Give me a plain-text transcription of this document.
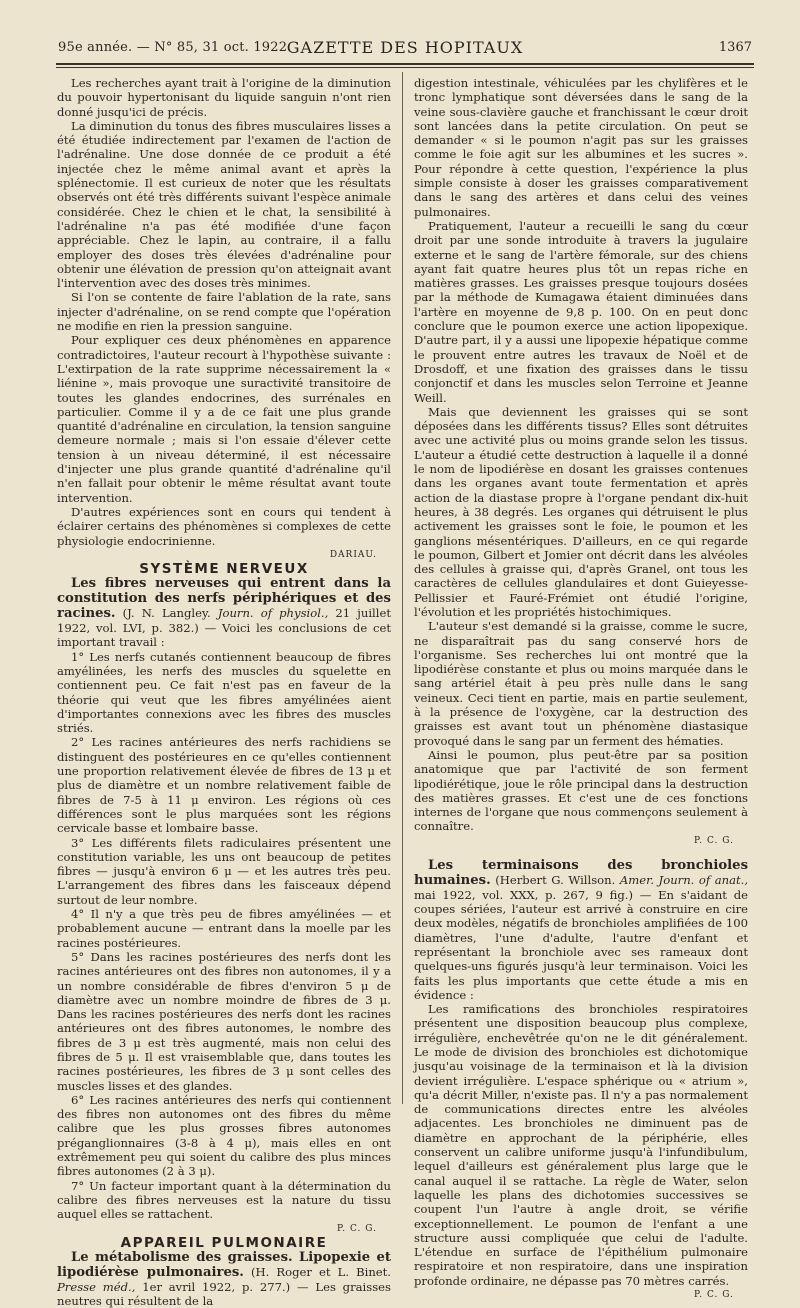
95e année. — N° 85, 31 oct. 1922.
GAZETTE DES HOPITAUX	1367

Les recherches ayant trait à l'origine de la diminution du pouvoir hypertonisant du liquide sanguin n'ont rien donné jusqu'ici de précis.

La diminution du tonus des fibres musculaires lisses a été étudiée indirectement par l'examen de l'action de l'adrénaline. Une dose donnée de ce produit a été injectée chez le même animal avant et après la splénectomie. Il est curieux de noter que les résultats observés ont été très différents suivant l'espèce animale considérée. Chez le chien et le chat, la sensibilité à l'adrénaline n'a pas été modifiée d'une façon appréciable. Chez le lapin, au contraire, il a fallu employer des doses très élevées d'adrénaline pour obtenir une élévation de pression qu'on atteignait avant l'intervention avec des doses très minimes.

Si l'on se contente de faire l'ablation de la rate, sans injecter d'adrénaline, on se rend compte que l'opération ne modifie en rien la pression sanguine.

Pour expliquer ces deux phénomènes en apparence contradictoires, l'auteur recourt à l'hypothèse suivante : L'extirpation de la rate supprime nécessairement la « liénine », mais provoque une suractivité transitoire de toutes les glandes endocrines, des surrénales en particulier. Comme il y a de ce fait une plus grande quantité d'adrénaline en circulation, la tension sanguine demeure normale ; mais si l'on essaie d'élever cette tension à un niveau déterminé, il est nécessaire d'injecter une plus grande quantité d'adrénaline qu'il n'en fallait pour obtenir le même résultat avant toute intervention.

D'autres expériences sont en cours qui tendent à éclairer certains des phénomènes si complexes de cette physiologie endocrinienne.

DARIAU.

SYSTÈME NERVEUX

Les fibres nerveuses qui entrent dans la constitution des nerfs périphériques et des racines. (J. N. Langley. Journ. of physiol., 21 juillet 1922, vol. LVI, p. 382.) — Voici les conclusions de cet important travail :

1° Les nerfs cutanés contiennent beaucoup de fibres amyélinées, les nerfs des muscles du squelette en contiennent peu. Ce fait n'est pas en faveur de la théorie qui veut que les fibres amyélinées aient d'importantes connexions avec les fibres des muscles striés.

2° Les racines antérieures des nerfs rachidiens se distinguent des postérieures en ce qu'elles contiennent une proportion relativement élevée de fibres de 13 μ et plus de diamètre et un nombre relativement faible de fibres de 7-5 à 11 μ environ. Les régions où ces différences sont le plus marquées sont les régions cervicale basse et lombaire basse.

3° Les différents filets radiculaires présentent une constitution variable, les uns ont beaucoup de petites fibres — jusqu'à environ 6 μ — et les autres très peu. L'arrangement des fibres dans les faisceaux dépend surtout de leur nombre.

4° Il n'y a que très peu de fibres amyélinées — et probablement aucune — entrant dans la moelle par les racines postérieures.

5° Dans les racines postérieures des nerfs dont les racines antérieures ont des fibres non autonomes, il y a un nombre considérable de fibres d'environ 5 μ de diamètre avec un nombre moindre de fibres de 3 μ. Dans les racines postérieures des nerfs dont les racines antérieures ont des fibres autonomes, le nombre des fibres de 3 μ est très augmenté, mais non celui des fibres de 5 μ. Il est vraisemblable que, dans toutes les racines postérieures, les fibres de 3 μ sont celles des muscles lisses et des glandes.

6° Les racines antérieures des nerfs qui contiennent des fibres non autonomes ont des fibres du même calibre que les plus grosses fibres autonomes préganglionnaires (3-8 à 4 μ), mais elles en ont extrêmement peu qui soient du calibre des plus minces fibres autonomes (2 à 3 μ).

7° Un facteur important quant à la détermination du calibre des fibres nerveuses est la nature du tissu auquel elles se rattachent.

P. C. G.

APPAREIL PULMONAIRE

Le métabolisme des graisses. Lipopexie et lipodiérèse pulmonaires. (H. Roger et L. Binet. Presse méd., 1er avril 1922, p. 277.) — Les graisses neutres qui résultent de la

digestion intestinale, véhiculées par les chylifères et le tronc lymphatique sont déversées dans le sang de la veine sous-clavière gauche et franchissant le cœur droit sont lancées dans la petite circulation. On peut se demander « si le poumon n'agit pas sur les graisses comme le foie agit sur les albumines et les sucres ». Pour répondre à cette question, l'expérience la plus simple consiste à doser les graisses comparativement dans le sang des artères et dans celui des veines pulmonaires.

Pratiquement, l'auteur a recueilli le sang du cœur droit par une sonde introduite à travers la jugulaire externe et le sang de l'artère fémorale, sur des chiens ayant fait quatre heures plus tôt un repas riche en matières grasses. Les graisses presque toujours dosées par la méthode de Kumagawa étaient diminuées dans l'artère en moyenne de 9,8 p. 100. On en peut donc conclure que le poumon exerce une action lipopexique. D'autre part, il y a aussi une lipopexie hépatique comme le prouvent entre autres les travaux de Noël et de Drosdoff, et une fixation des graisses dans le tissu conjonctif et dans les muscles selon Terroine et Jeanne Weill.

Mais que deviennent les graisses qui se sont déposées dans les différents tissus? Elles sont détruites avec une activité plus ou moins grande selon les tissus. L'auteur a étudié cette destruction à laquelle il a donné le nom de lipodiérèse en dosant les graisses contenues dans les organes avant toute fermentation et après action de la diastase propre à l'organe pendant dix-huit heures, à 38 degrés. Les organes qui détruisent le plus activement les graisses sont le foie, le poumon et les ganglions mésentériques. D'ailleurs, en ce qui regarde le poumon, Gilbert et Jomier ont décrit dans les alvéoles des cellules à graisse qui, d'après Granel, ont tous les caractères de cellules glandulaires et dont Guieyesse-Pellissier et Fauré-Frémiet ont étudié l'origine, l'évolution et les propriétés histochimiques.

L'auteur s'est demandé si la graisse, comme le sucre, ne disparaîtrait pas du sang conservé hors de l'organisme. Ses recherches lui ont montré que la lipodiérèse constante et plus ou moins marquée dans le sang artériel était à peu près nulle dans le sang veineux. Ceci tient en partie, mais en partie seulement, à la présence de l'oxygène, car la destruction des graisses est avant tout un phénomène diastasique provoqué dans le sang par un ferment des hématies.

Ainsi le poumon, plus peut-être par sa position anatomique que par l'activité de son ferment lipodiérétique, joue le rôle principal dans la destruction des matières grasses. Et c'est une de ces fonctions internes de l'organe que nous commençons seulement à connaître.

P. C. G.

Les terminaisons des bronchioles humaines. (Herbert G. Willson. Amer. Journ. of anat., mai 1922, vol. XXX, p. 267, 9 fig.) — En s'aidant de coupes sériées, l'auteur est arrivé à construire en cire deux modèles, négatifs de bronchioles amplifiées de 100 diamètres, l'une d'adulte, l'autre d'enfant et représentant la bronchiole avec ses rameaux dont quelques-uns figurés jusqu'à leur terminaison. Voici les faits les plus importants que cette étude a mis en évidence :

Les ramifications des bronchioles respiratoires présentent une disposition beaucoup plus complexe, irrégulière, enchevêtrée qu'on ne le dit généralement. Le mode de division des bronchioles est dichotomique jusqu'au voisinage de la terminaison et là la division devient irrégulière. L'espace sphérique ou « atrium », qu'a décrit Miller, n'existe pas. Il n'y a pas normalement de communications directes entre les alvéoles adjacentes. Les bronchioles ne diminuent pas de diamètre en approchant de la périphérie, elles conservent un calibre uniforme jusqu'à l'infundibulum, lequel d'ailleurs est généralement plus large que le canal auquel il se rattache. La règle de Water, selon laquelle les plans des dichotomies successives se coupent l'un l'autre à angle droit, se vérifie exceptionnellement. Le poumon de l'enfant a une structure aussi compliquée que celui de l'adulte. L'étendue en surface de l'épithélium pulmonaire respiratoire et non respiratoire, dans une inspiration profonde ordinaire, ne dépasse pas 70 mètres carrés.

P. C. G.
